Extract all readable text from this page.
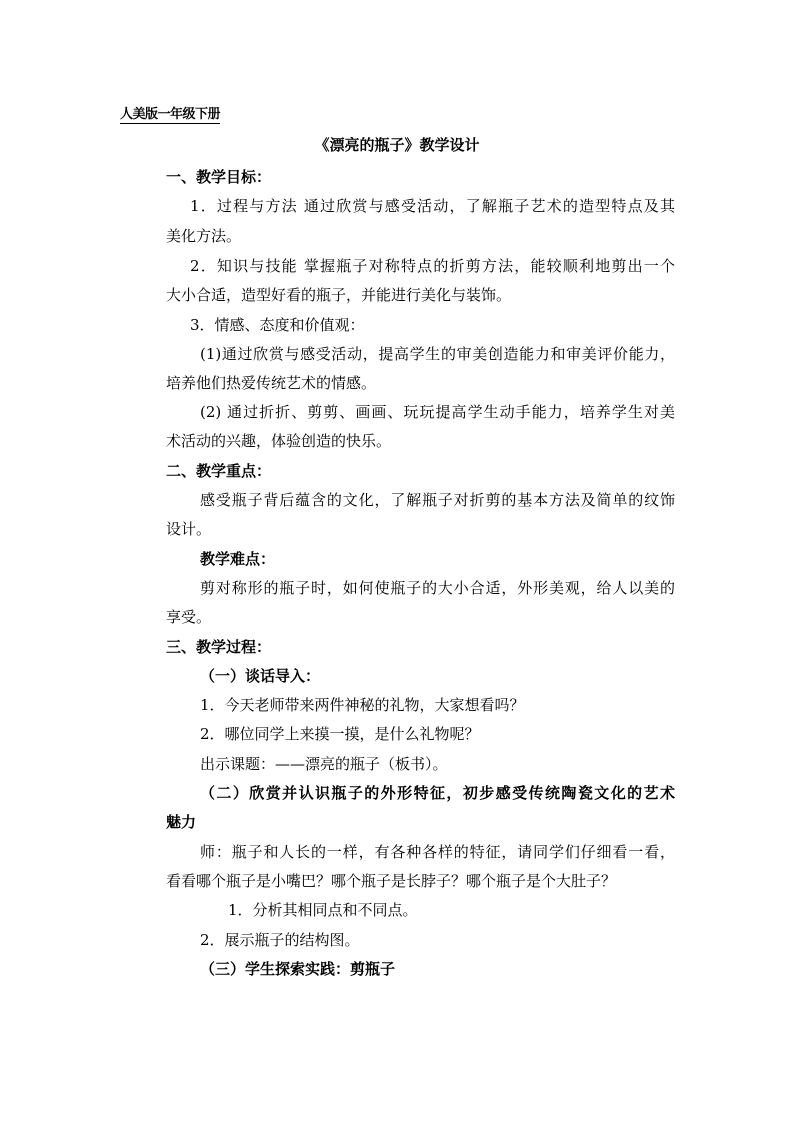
人美版一年级下册
《漂亮的瓶子》教学设计
一、教学目标：
1．过程与方法 通过欣赏与感受活动，了解瓶子艺术的造型特点及其
美化方法。
2．知识与技能 掌握瓶子对称特点的折剪方法，能较顺利地剪出一个
大小合适，造型好看的瓶子，并能进行美化与装饰。
3．情感、态度和价值观：
(1)通过欣赏与感受活动，提高学生的审美创造能力和审美评价能力，
培养他们热爱传统艺术的情感。
(2) 通过折折、剪剪、画画、玩玩提高学生动手能力，培养学生对美
术活动的兴趣，体验创造的快乐。
二、教学重点：
感受瓶子背后蕴含的文化，了解瓶子对折剪的基本方法及简单的纹饰
设计。
教学难点：
剪对称形的瓶子时，如何使瓶子的大小合适，外形美观，给人以美的
享受。
三、教学过程：
（一）谈话导入：
1．今天老师带来两件神秘的礼物，大家想看吗？
2．哪位同学上来摸一摸，是什么礼物呢？
出示课题：——漂亮的瓶子（板书）。
（二）欣赏并认识瓶子的外形特征，初步感受传统陶瓷文化的艺术
魅力
师：瓶子和人长的一样，有各种各样的特征，请同学们仔细看一看，
看看哪个瓶子是小嘴巴？哪个瓶子是长脖子？哪个瓶子是个大肚子？
1．分析其相同点和不同点。
2．展示瓶子的结构图。
（三）学生探索实践：剪瓶子
